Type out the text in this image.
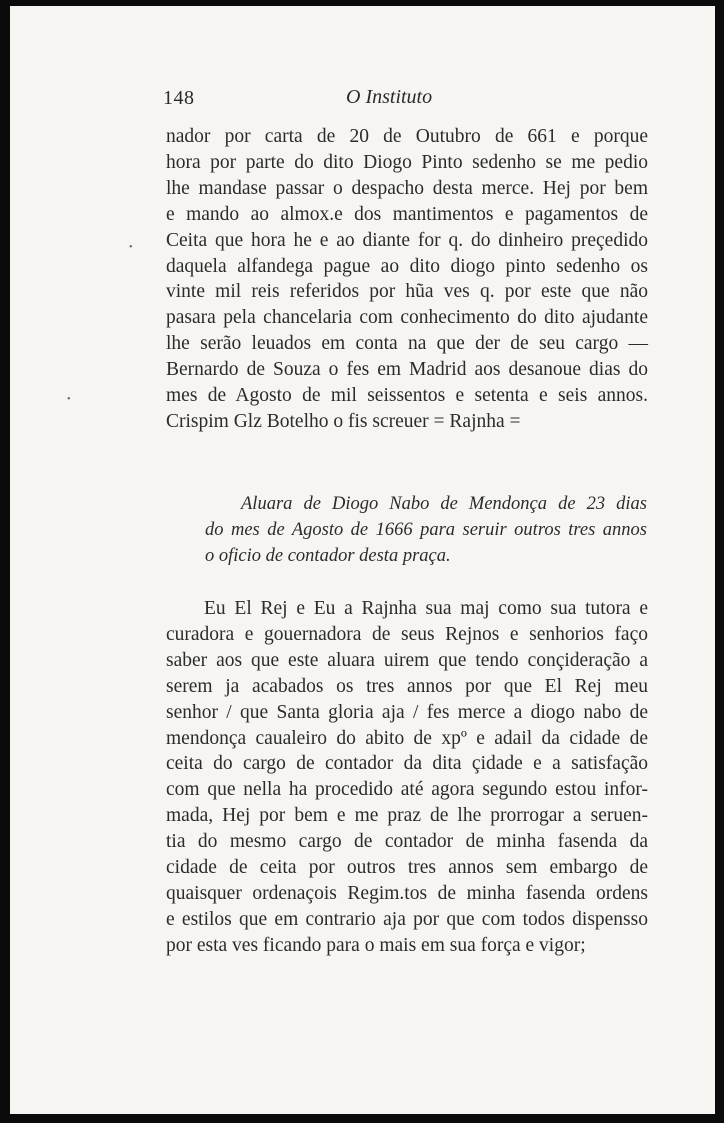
148	O Instituto
nador por carta de 20 de Outubro de 661 e porque
hora por parte do dito Diogo Pinto sedenho se me pedio
lhe mandase passar o despacho desta merce. Hej por bem
e mando ao almox.e dos mantimentos e pagamentos de
Ceita que hora he e ao diante for q. do dinheiro preçedido
daquela alfandega pague ao dito diogo pinto sedenho os
vinte mil reis referidos por hũa ves q. por este que não
pasara pela chancelaria com conhecimento do dito ajudante
lhe serão leuados em conta na que der de seu cargo —
Bernardo de Souza o fes em Madrid aos desanoue dias do
mes de Agosto de mil seissentos e setenta e seis annos.
Crispim Glz Botelho o fis screuer = Rajnha =
Aluara de Diogo Nabo de Mendonça de 23 dias
do mes de Agosto de 1666 para seruir outros tres annos
o oficio de contador desta praça.
Eu El Rej e Eu a Rajnha sua maj como sua tutora e
curadora e gouernadora de seus Rejnos e senhorios faço
saber aos que este aluara uirem que tendo conçideração a
serem ja acabados os tres annos por que El Rej meu
senhor / que Santa gloria aja / fes merce a diogo nabo de
mendonça caualeiro do abito de xpº e adail da cidade de
ceita do cargo de contador da dita çidade e a satisfação
com que nella ha procedido até agora segundo estou infor-
mada, Hej por bem e me praz de lhe prorrogar a seruen-
tia do mesmo cargo de contador de minha fasenda da
cidade de ceita por outros tres annos sem embargo de
quaisquer ordenaçois Regim.tos de minha fasenda ordens
e estilos que em contrario aja por que com todos dispensso
por esta ves ficando para o mais em sua força e vigor;
•
•
